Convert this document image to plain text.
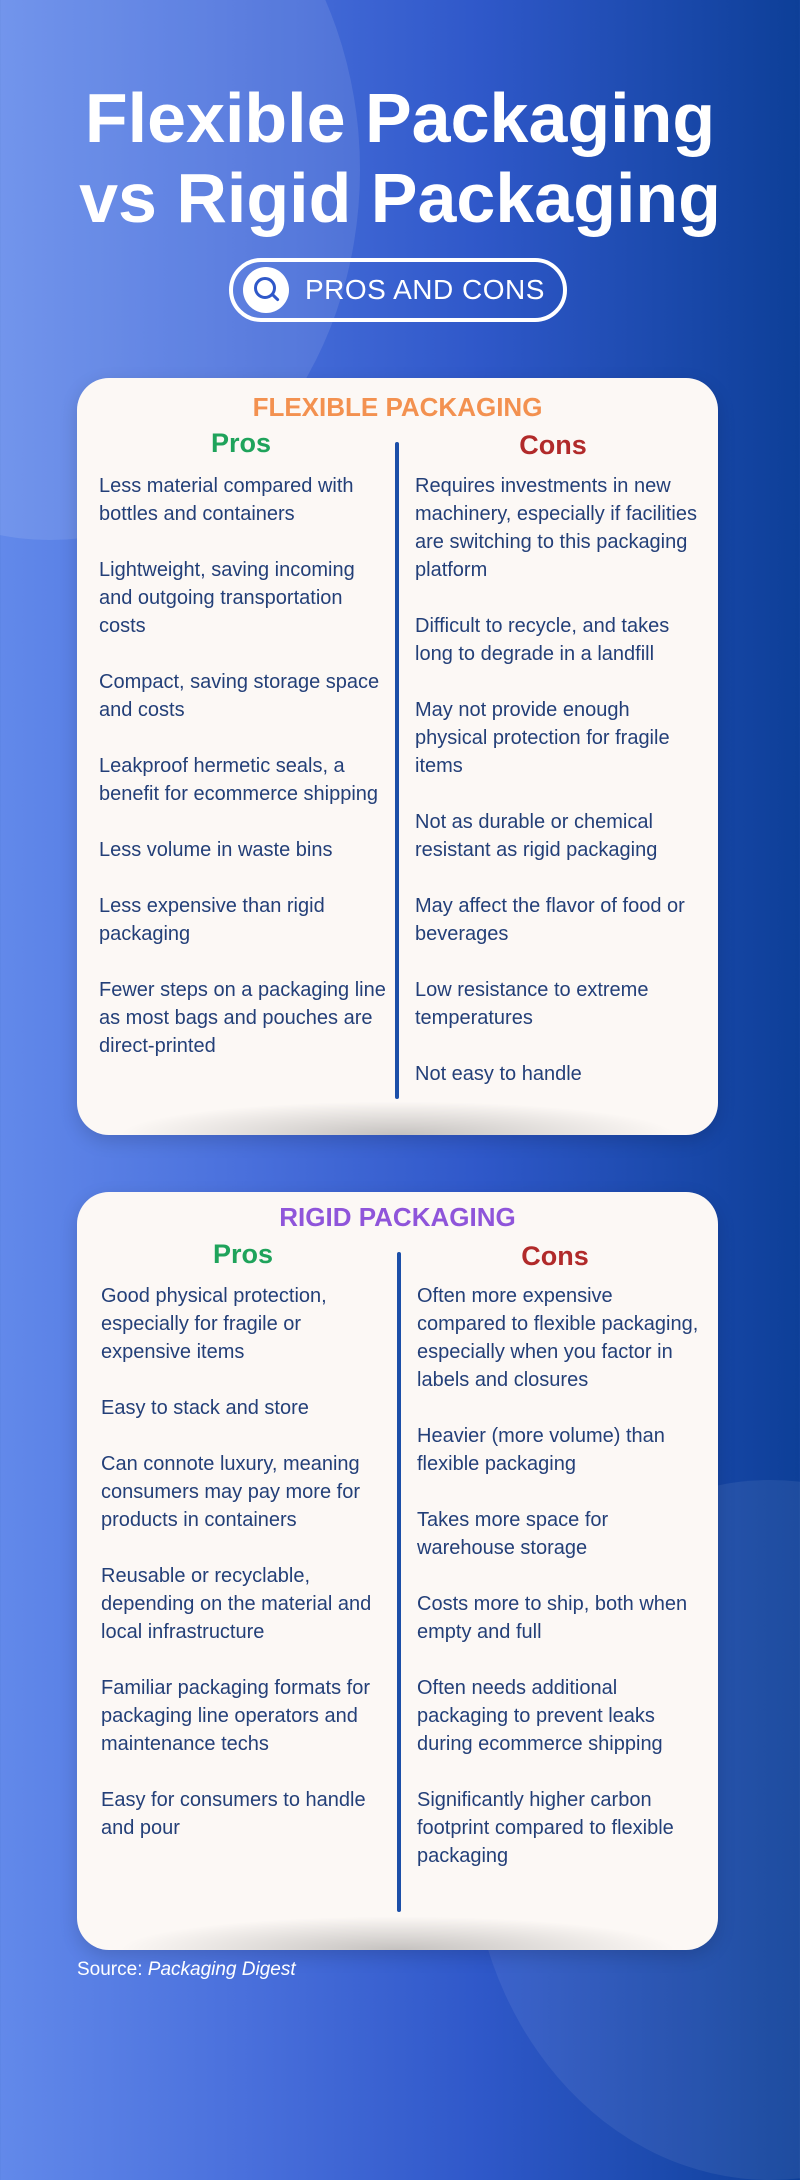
Flexible Packaging
vs Rigid Packaging
PROS AND CONS
FLEXIBLE PACKAGING
Pros	Cons
Less material compared with bottles and containers
Lightweight, saving incoming and outgoing transportation costs
Compact, saving storage space and costs
Leakproof hermetic seals, a benefit for ecommerce shipping
Less volume in waste bins
Less expensive than rigid packaging
Fewer steps on a packaging line as most bags and pouches are direct-printed
Requires investments in new machinery, especially if facilities are switching to this packaging platform
Difficult to recycle, and takes long to degrade in a landfill
May not provide enough physical protection for fragile items
Not as durable or chemical resistant as rigid packaging
May affect the flavor of food or beverages
Low resistance to extreme temperatures
Not easy to handle
RIGID PACKAGING
Pros	Cons
Good physical protection, especially for fragile or expensive items
Easy to stack and store
Can connote luxury, meaning consumers may pay more for products in containers
Reusable or recyclable, depending on the material and local infrastructure
Familiar packaging formats for packaging line operators and maintenance techs
Easy for consumers to handle and pour
Often more expensive compared to flexible packaging, especially when you factor in labels and closures
Heavier (more volume) than flexible packaging
Takes more space for warehouse storage
Costs more to ship, both when empty and full
Often needs additional packaging to prevent leaks during ecommerce shipping
Significantly higher carbon footprint compared to flexible packaging
Source: Packaging Digest
